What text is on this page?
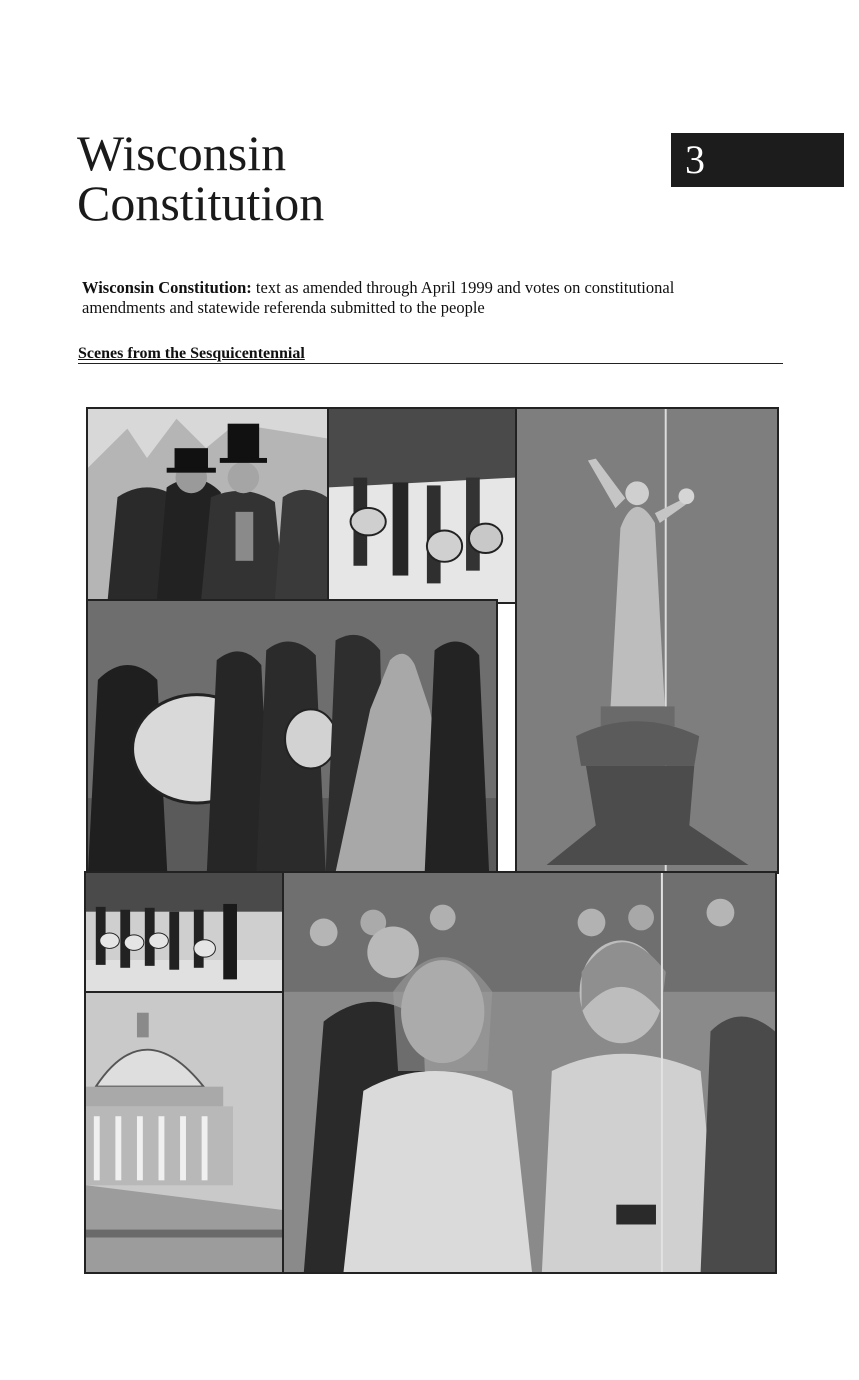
Wisconsin
Constitution
3

Wisconsin Constitution: text as amended through April 1999 and votes on constitutional amendments and statewide referenda submitted to the people

Scenes from the Sesquicentennial
